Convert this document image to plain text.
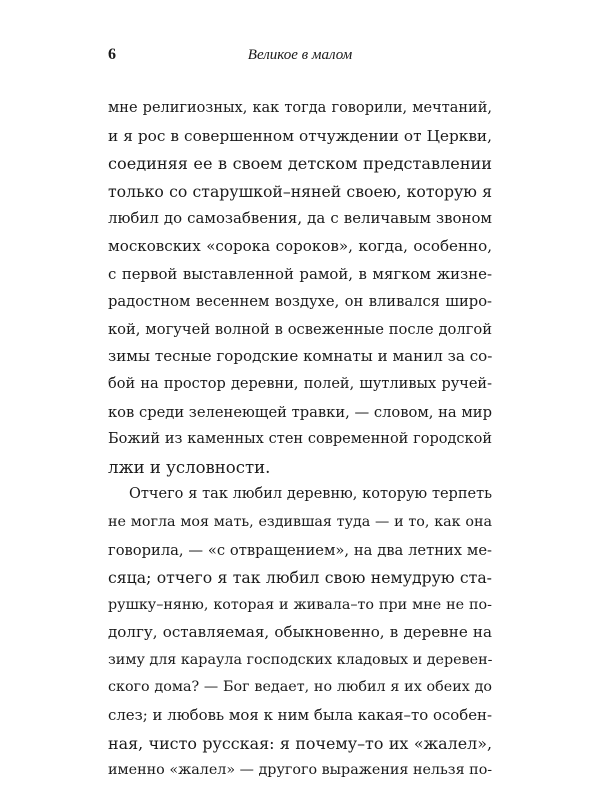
6	Великое в малом
мне религиозных, как тогда говорили, мечтаний,
и я рос в совершенном отчуждении от Церкви,
соединяя ее в своем детском представлении
только со старушкой–няней своею, которую я
любил до самозабвения, да с величавым звоном
московских «сорока сороков», когда, особенно,
с первой выставленной рамой, в мягком жизне-
радостном весеннем воздухе, он вливался широ-
кой, могучей волной в освеженные после долгой
зимы тесные городские комнаты и манил за со-
бой на простор деревни, полей, шутливых ручей-
ков среди зеленеющей травки, — словом, на мир
Божий из каменных стен современной городской
лжи и условности.
Отчего я так любил деревню, которую терпеть
не могла моя мать, ездившая туда — и то, как она
говорила, — «с отвращением», на два летних ме-
сяца; отчего я так любил свою немудрую ста-
рушку–няню, которая и живала–то при мне не по-
долгу, оставляемая, обыкновенно, в деревне на
зиму для караула господских кладовых и деревен-
ского дома? — Бог ведает, но любил я их обеих до
слез; и любовь моя к ним была какая–то особен-
ная, чисто русская: я почему–то их «жалел»,
именно «жалел» — другого выражения нельзя по-
